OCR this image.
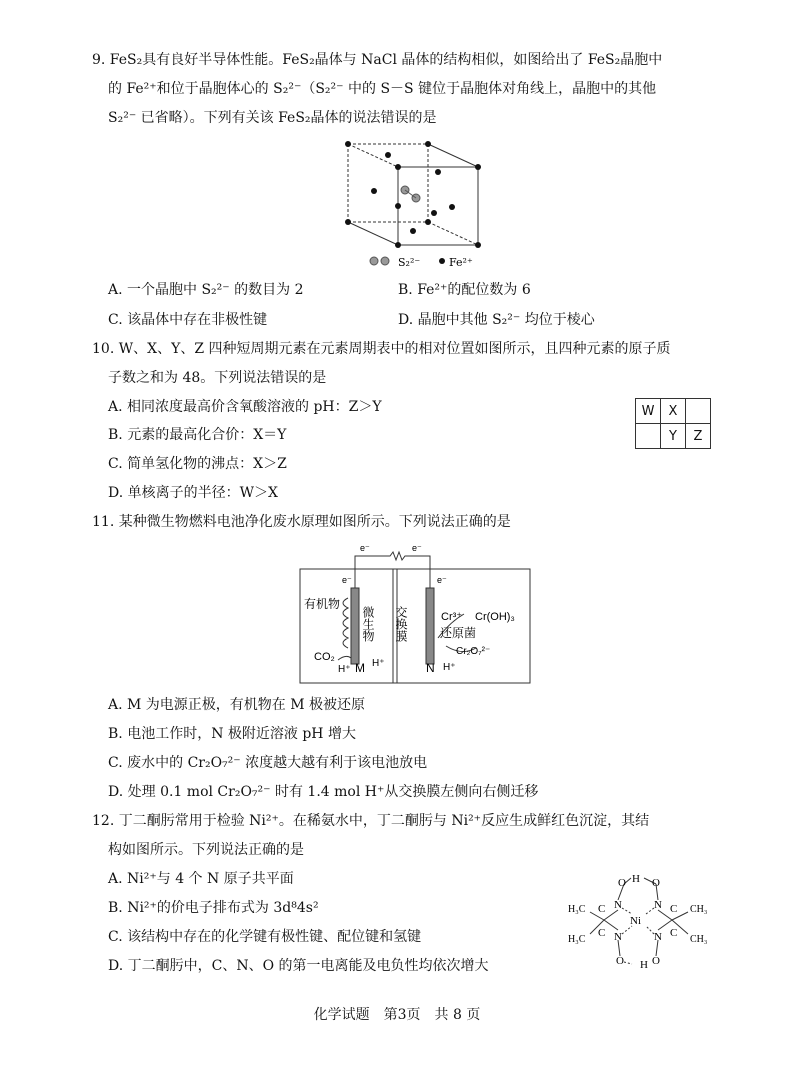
9. FeS₂具有良好半导体性能。FeS₂晶体与 NaCl 晶体的结构相似，如图给出了 FeS₂晶胞中
的 Fe²⁺和位于晶胞体心的 S₂²⁻（S₂²⁻ 中的 S－S 键位于晶胞体对角线上，晶胞中的其他
S₂²⁻ 已省略）。下列有关该 FeS₂晶体的说法错误的是
S₂²⁻	Fe²⁺
A. 一个晶胞中 S₂²⁻ 的数目为 2	B. Fe²⁺的配位数为 6
C. 该晶体中存在非极性键	D. 晶胞中其他 S₂²⁻ 均位于棱心
10. W、X、Y、Z 四种短周期元素在元素周期表中的相对位置如图所示，且四种元素的原子质
子数之和为 48。下列说法错误的是
A. 相同浓度最高价含氧酸溶液的 pH：Z＞Y
B. 元素的最高化合价：X＝Y
C. 简单氢化物的沸点：X＞Z
D. 单核离子的半径：W＞X
W	X	
	Y	Z
11. 某种微生物燃料电池净化废水原理如图所示。下列说法正确的是
e⁻	e⁻
e⁻	e⁻
有机物
微生物 交换膜
CO₂
H⁺ M H⁺	N H⁺
Cr³⁺ Cr(OH)₃
还原菌
Cr₂O₇²⁻
A. M 为电源正极，有机物在 M 极被还原
B. 电池工作时，N 极附近溶液 pH 增大
C. 废水中的 Cr₂O₇²⁻ 浓度越大越有利于该电池放电
D. 处理 0.1 mol Cr₂O₇²⁻ 时有 1.4 mol H⁺从交换膜左侧向右侧迁移
12. 丁二酮肟常用于检验 Ni²⁺。在稀氨水中，丁二酮肟与 Ni²⁺反应生成鲜红色沉淀，其结
构如图所示。下列说法正确的是
A. Ni²⁺与 4 个 N 原子共平面
B. Ni²⁺的价电子排布式为 3d⁸4s²
C. 该结构中存在的化学键有极性键、配位键和氢键
D. 丁二酮肟中，C、N、O 的第一电离能及电负性均依次增大
O H O
N	N
C	C
Ni
C	C
N	N
O H O
H₃C
H₃C
CH₃
CH₃
化学试题　第3页　共 8 页
